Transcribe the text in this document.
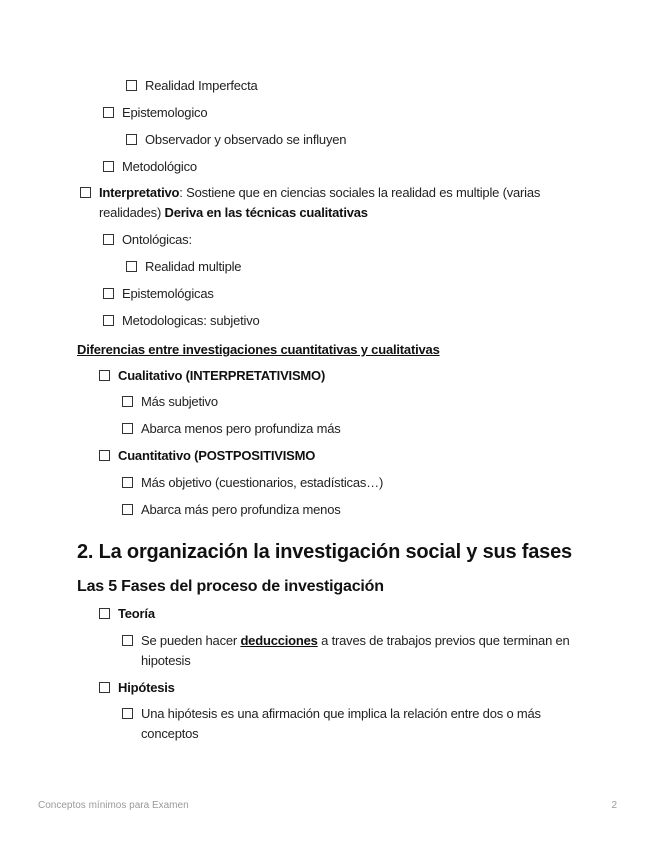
Realidad Imperfecta
Epistemologico
Observador y observado se influyen
Metodológico
Interpretativo: Sostiene que en ciencias sociales la realidad es multiple (varias realidades) Deriva en las técnicas cualitativas
Ontológicas:
Realidad multiple
Epistemológicas
Metodologicas: subjetivo
Diferencias entre investigaciones cuantitativas y cualitativas
Cualitativo (INTERPRETATIVISMO)
Más subjetivo
Abarca menos pero profundiza más
Cuantitativo (POSTPOSITIVISMO
Más objetivo (cuestionarios, estadísticas…)
Abarca más pero profundiza menos
2. La organización la investigación social y sus fases
Las 5 Fases del proceso de investigación
Teoría
Se pueden hacer deducciones a traves de trabajos previos que terminan en hipotesis
Hipótesis
Una hipótesis es una afirmación que implica la relación entre dos o más conceptos
Conceptos mínimos para Examen	2
